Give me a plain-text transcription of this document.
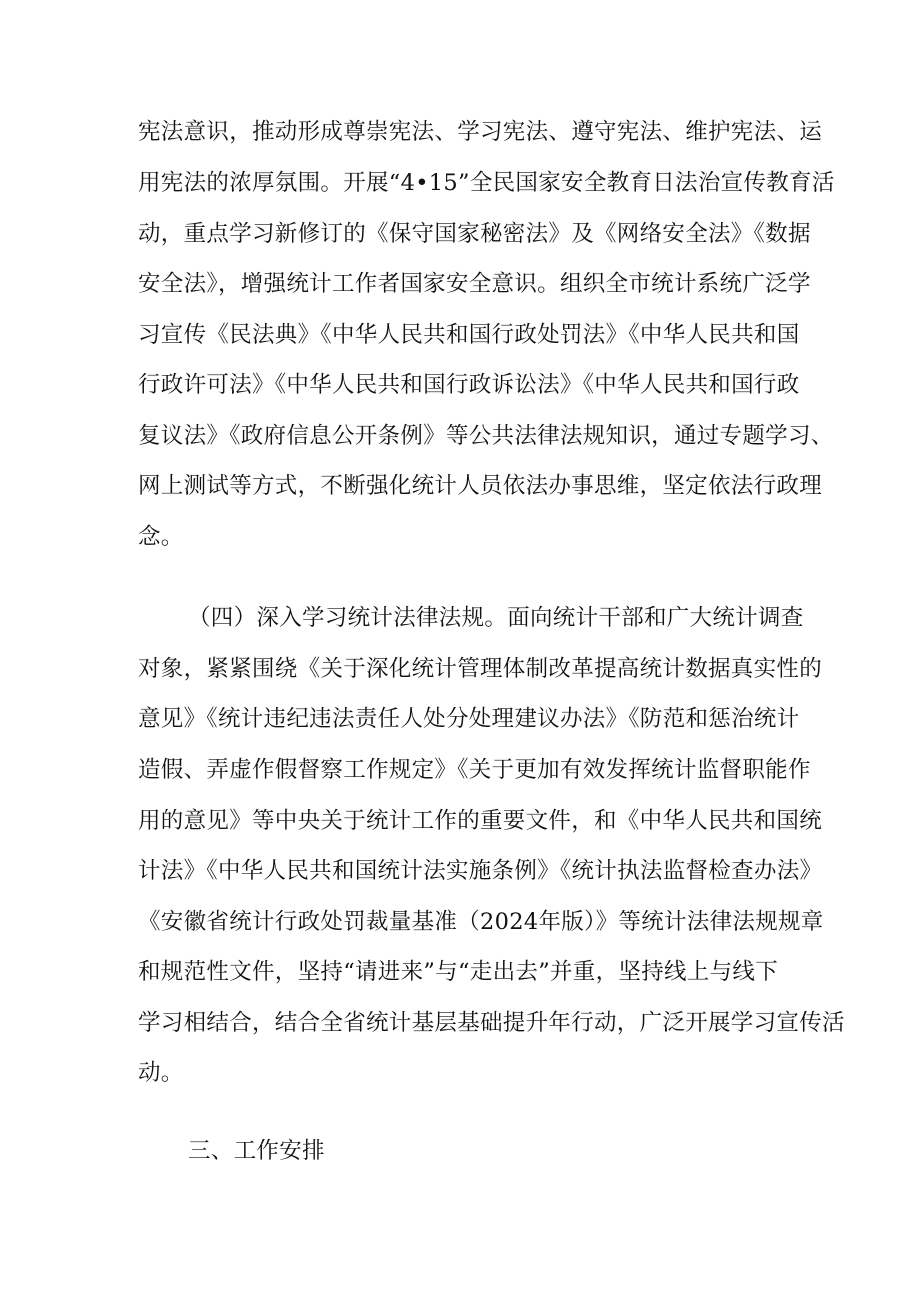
宪法意识，推动形成尊崇宪法、学习宪法、遵守宪法、维护宪法、运
用宪法的浓厚氛围。开展“4•15”全民国家安全教育日法治宣传教育活
动，重点学习新修订的《保守国家秘密法》及《网络安全法》《数据
安全法》，增强统计工作者国家安全意识。组织全市统计系统广泛学
习宣传《民法典》《中华人民共和国行政处罚法》《中华人民共和国
行政许可法》《中华人民共和国行政诉讼法》《中华人民共和国行政
复议法》《政府信息公开条例》等公共法律法规知识，通过专题学习、
网上测试等方式，不断强化统计人员依法办事思维，坚定依法行政理
念。
（四）深入学习统计法律法规。面向统计干部和广大统计调查
对象，紧紧围绕《关于深化统计管理体制改革提高统计数据真实性的
意见》《统计违纪违法责任人处分处理建议办法》《防范和惩治统计
造假、弄虚作假督察工作规定》《关于更加有效发挥统计监督职能作
用的意见》等中央关于统计工作的重要文件，和《中华人民共和国统
计法》《中华人民共和国统计法实施条例》《统计执法监督检查办法》
《安徽省统计行政处罚裁量基准（2024年版）》等统计法律法规规章
和规范性文件，坚持“请进来”与“走出去”并重，坚持线上与线下
学习相结合，结合全省统计基层基础提升年行动，广泛开展学习宣传活
动。
三、工作安排
